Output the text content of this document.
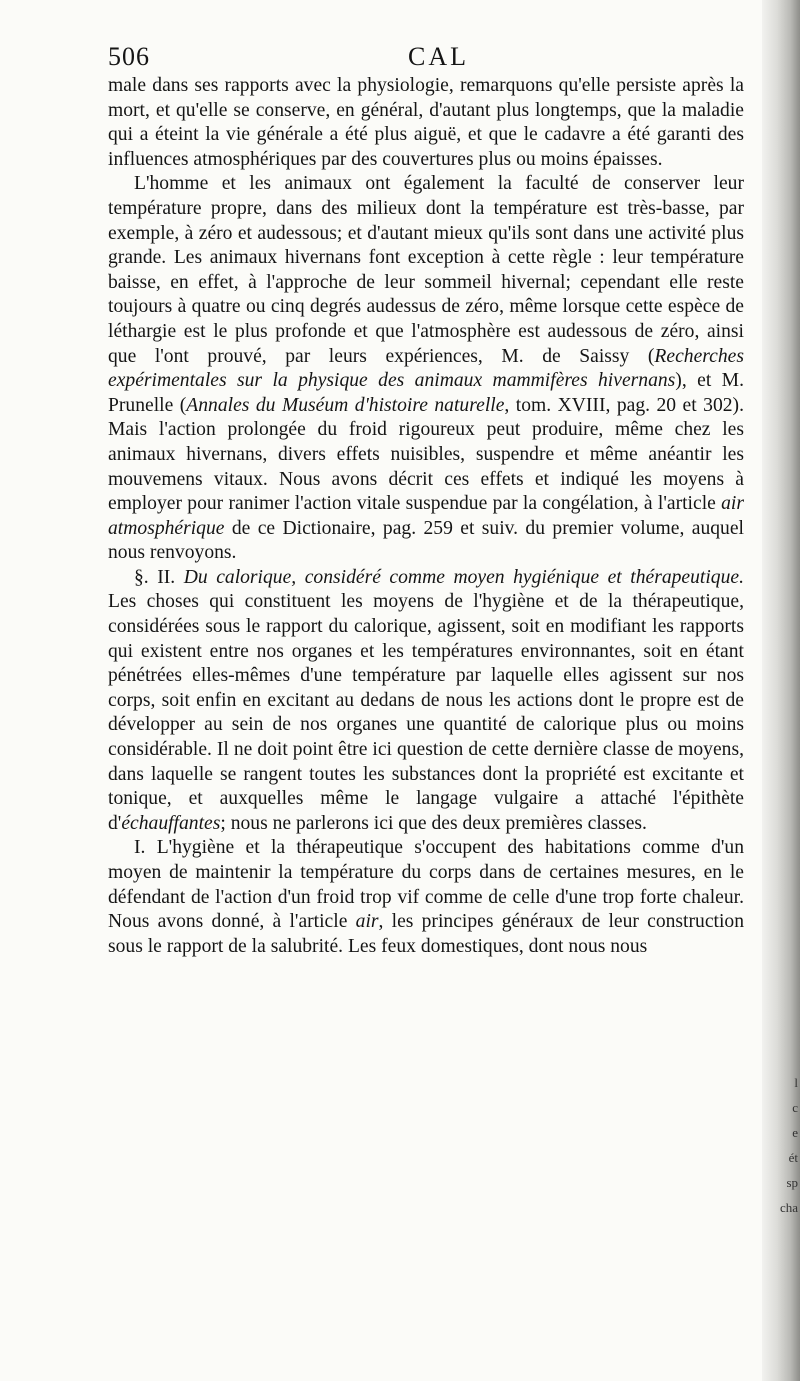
l
c
e
ét
sp
cha
506	CAL

male dans ses rapports avec la physiologie, remarquons qu'elle persiste après la mort, et qu'elle se conserve, en général, d'autant plus longtemps, que la maladie qui a éteint la vie générale a été plus aiguë, et que le cadavre a été garanti des influences atmosphériques par des couvertures plus ou moins épaisses.

L'homme et les animaux ont également la faculté de conserver leur température propre, dans des milieux dont la température est très-basse, par exemple, à zéro et audessous; et d'autant mieux qu'ils sont dans une activité plus grande. Les animaux hivernans font exception à cette règle : leur température baisse, en effet, à l'approche de leur sommeil hivernal; cependant elle reste toujours à quatre ou cinq degrés audessus de zéro, même lorsque cette espèce de léthargie est le plus profonde et que l'atmosphère est audessous de zéro, ainsi que l'ont prouvé, par leurs expériences, M. de Saissy (Recherches expérimentales sur la physique des animaux mammifères hivernans), et M. Prunelle (Annales du Muséum d'histoire naturelle, tom. XVIII, pag. 20 et 302). Mais l'action prolongée du froid rigoureux peut produire, même chez les animaux hivernans, divers effets nuisibles, suspendre et même anéantir les mouvemens vitaux. Nous avons décrit ces effets et indiqué les moyens à employer pour ranimer l'action vitale suspendue par la congélation, à l'article air atmosphérique de ce Dictionaire, pag. 259 et suiv. du premier volume, auquel nous renvoyons.

§. II. Du calorique, considéré comme moyen hygiénique et thérapeutique. Les choses qui constituent les moyens de l'hygiène et de la thérapeutique, considérées sous le rapport du calorique, agissent, soit en modifiant les rapports qui existent entre nos organes et les températures environnantes, soit en étant pénétrées elles-mêmes d'une température par laquelle elles agissent sur nos corps, soit enfin en excitant au dedans de nous les actions dont le propre est de développer au sein de nos organes une quantité de calorique plus ou moins considérable. Il ne doit point être ici question de cette dernière classe de moyens, dans laquelle se rangent toutes les substances dont la propriété est excitante et tonique, et auxquelles même le langage vulgaire a attaché l'épithète d'échauffantes; nous ne parlerons ici que des deux premières classes.

I. L'hygiène et la thérapeutique s'occupent des habitations comme d'un moyen de maintenir la température du corps dans de certaines mesures, en le défendant de l'action d'un froid trop vif comme de celle d'une trop forte chaleur. Nous avons donné, à l'article air, les principes généraux de leur construction sous le rapport de la salubrité. Les feux domestiques, dont nous nous
